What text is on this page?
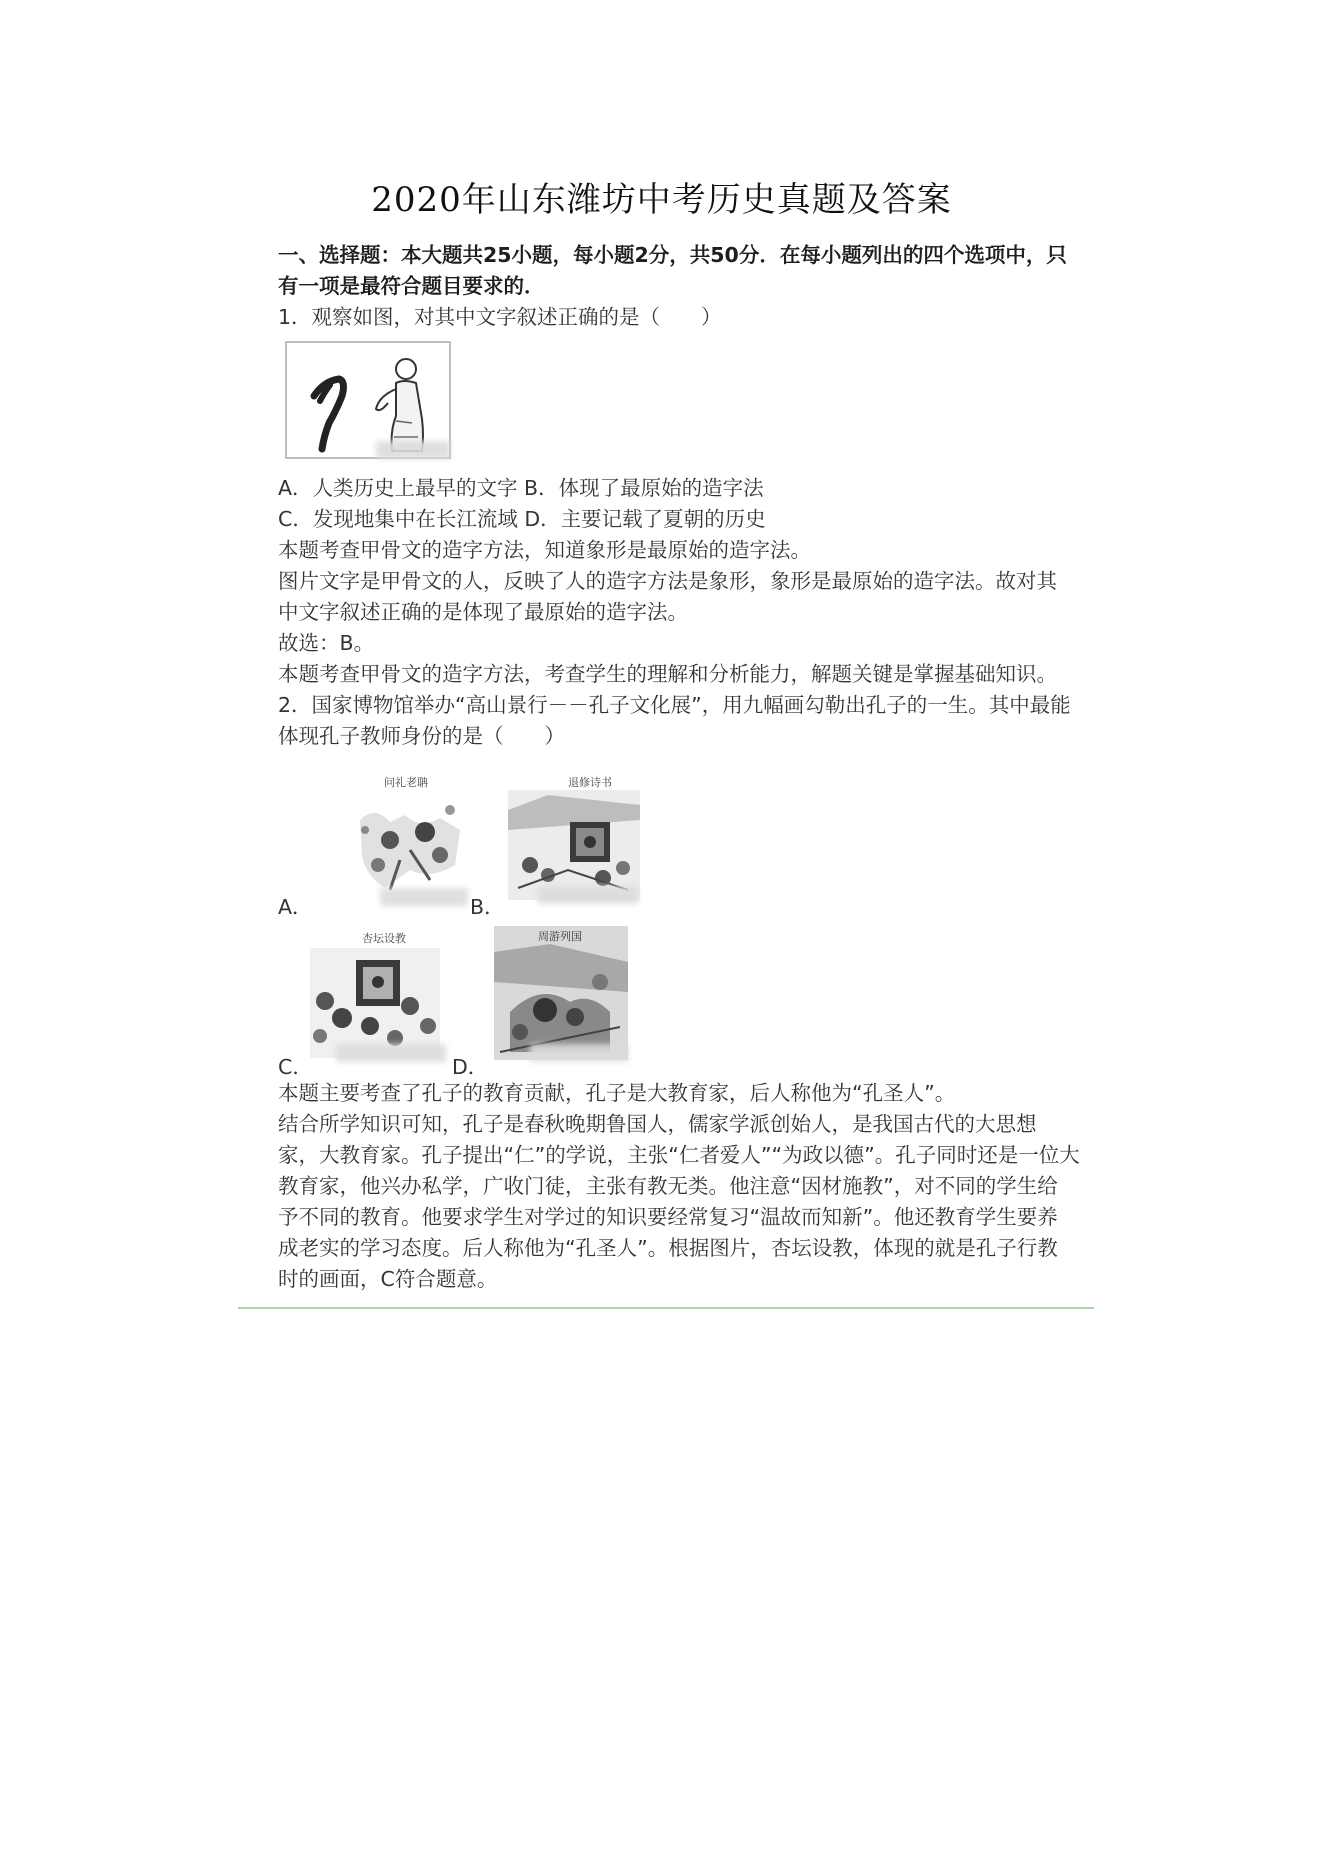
2020年山东潍坊中考历史真题及答案
一、选择题：本大题共25小题，每小题2分，共50分．在每小题列出的四个选项中，只
有一项是最符合题目要求的．
1．观察如图，对其中文字叙述正确的是（　　）
A．人类历史上最早的文字 B．体现了最原始的造字法
C．发现地集中在长江流域 D．主要记载了夏朝的历史
本题考查甲骨文的造字方法，知道象形是最原始的造字法。
图片文字是甲骨文的人，反映了人的造字方法是象形，象形是最原始的造字法。故对其
中文字叙述正确的是体现了最原始的造字法。
故选：B。
本题考查甲骨文的造字方法，考查学生的理解和分析能力，解题关键是掌握基础知识。
2．国家博物馆举办“高山景行－－孔子文化展”，用九幅画勾勒出孔子的一生。其中最能
体现孔子教师身份的是（　　）
问礼老聃
A．
退修诗书
B．
杏坛设教
C．
周游列国
D．
本题主要考查了孔子的教育贡献，孔子是大教育家，后人称他为“孔圣人”。
结合所学知识可知，孔子是春秋晚期鲁国人，儒家学派创始人，是我国古代的大思想
家，大教育家。孔子提出“仁”的学说，主张“仁者爱人”“为政以德”。孔子同时还是一位大
教育家，他兴办私学，广收门徒，主张有教无类。他注意“因材施教”，对不同的学生给
予不同的教育。他要求学生对学过的知识要经常复习“温故而知新”。他还教育学生要养
成老实的学习态度。后人称他为“孔圣人”。根据图片，杏坛设教，体现的就是孔子行教
时的画面，C符合题意。
